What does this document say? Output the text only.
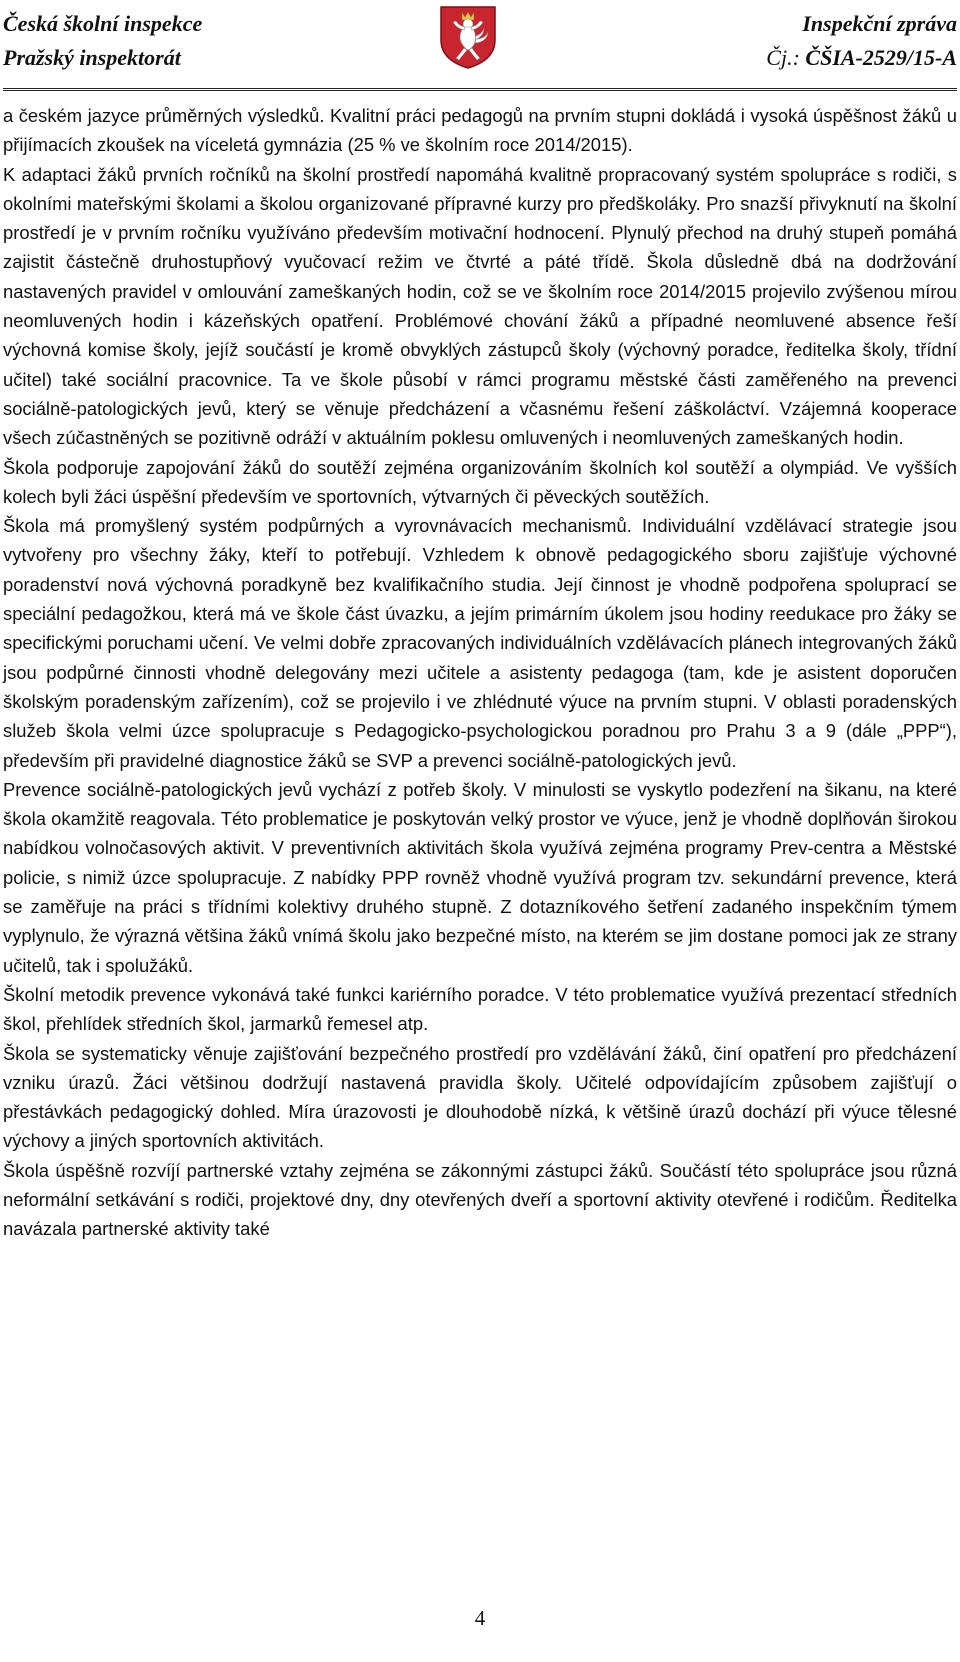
Česká školní inspekce
Pražský inspektorát
Inspekční zpráva
Čj.: ČŠIA-2529/15-A

a českém jazyce průměrných výsledků. Kvalitní práci pedagogů na prvním stupni dokládá i vysoká úspěšnost žáků u přijímacích zkoušek na víceletá gymnázia (25 % ve školním roce 2014/2015).

K adaptaci žáků prvních ročníků na školní prostředí napomáhá kvalitně propracovaný systém spolupráce s rodiči, s okolními mateřskými školami a školou organizované přípravné kurzy pro předškoláky. Pro snazší přivyknutí na školní prostředí je v prvním ročníku využíváno především motivační hodnocení. Plynulý přechod na druhý stupeň pomáhá zajistit částečně druhostupňový vyučovací režim ve čtvrté a páté třídě. Škola důsledně dbá na dodržování nastavených pravidel v omlouvání zameškaných hodin, což se ve školním roce 2014/2015 projevilo zvýšenou mírou neomluvených hodin i kázeňských opatření. Problémové chování žáků a případné neomluvené absence řeší výchovná komise školy, jejíž součástí je kromě obvyklých zástupců školy (výchovný poradce, ředitelka školy, třídní učitel) také sociální pracovnice. Ta ve škole působí v rámci programu městské části zaměřeného na prevenci sociálně-patologických jevů, který se věnuje předcházení a včasnému řešení záškoláctví. Vzájemná kooperace všech zúčastněných se pozitivně odráží v aktuálním poklesu omluvených i neomluvených zameškaných hodin.

Škola podporuje zapojování žáků do soutěží zejména organizováním školních kol soutěží a olympiád. Ve vyšších kolech byli žáci úspěšní především ve sportovních, výtvarných či pěveckých soutěžích.

Škola má promyšlený systém podpůrných a vyrovnávacích mechanismů. Individuální vzdělávací strategie jsou vytvořeny pro všechny žáky, kteří to potřebují. Vzhledem k obnově pedagogického sboru zajišťuje výchovné poradenství nová výchovná poradkyně bez kvalifikačního studia. Její činnost je vhodně podpořena spoluprací se speciální pedagožkou, která má ve škole část úvazku, a jejím primárním úkolem jsou hodiny reedukace pro žáky se specifickými poruchami učení. Ve velmi dobře zpracovaných individuálních vzdělávacích plánech integrovaných žáků jsou podpůrné činnosti vhodně delegovány mezi učitele a asistenty pedagoga (tam, kde je asistent doporučen školským poradenským zařízením), což se projevilo i ve zhlédnuté výuce na prvním stupni. V oblasti poradenských služeb škola velmi úzce spolupracuje s Pedagogicko-psychologickou poradnou pro Prahu 3 a 9 (dále „PPP“), především při pravidelné diagnostice žáků se SVP a prevenci sociálně-patologických jevů.

Prevence sociálně-patologických jevů vychází z potřeb školy. V minulosti se vyskytlo podezření na šikanu, na které škola okamžitě reagovala. Této problematice je poskytován velký prostor ve výuce, jenž je vhodně doplňován širokou nabídkou volnočasových aktivit. V preventivních aktivitách škola využívá zejména programy Prev-centra a Městské policie, s nimiž úzce spolupracuje. Z nabídky PPP rovněž vhodně využívá program tzv. sekundární prevence, která se zaměřuje na práci s třídními kolektivy druhého stupně. Z dotazníkového šetření zadaného inspekčním týmem vyplynulo, že výrazná většina žáků vnímá školu jako bezpečné místo, na kterém se jim dostane pomoci jak ze strany učitelů, tak i spolužáků.

Školní metodik prevence vykonává také funkci kariérního poradce. V této problematice využívá prezentací středních škol, přehlídek středních škol, jarmarků řemesel atp.

Škola se systematicky věnuje zajišťování bezpečného prostředí pro vzdělávání žáků, činí opatření pro předcházení vzniku úrazů. Žáci většinou dodržují nastavená pravidla školy. Učitelé odpovídajícím způsobem zajišťují o přestávkách pedagogický dohled. Míra úrazovosti je dlouhodobě nízká, k většině úrazů dochází při výuce tělesné výchovy a jiných sportovních aktivitách.

Škola úspěšně rozvíjí partnerské vztahy zejména se zákonnými zástupci žáků. Součástí této spolupráce jsou různá neformální setkávání s rodiči, projektové dny, dny otevřených dveří a sportovní aktivity otevřené i rodičům. Ředitelka navázala partnerské aktivity také

4
